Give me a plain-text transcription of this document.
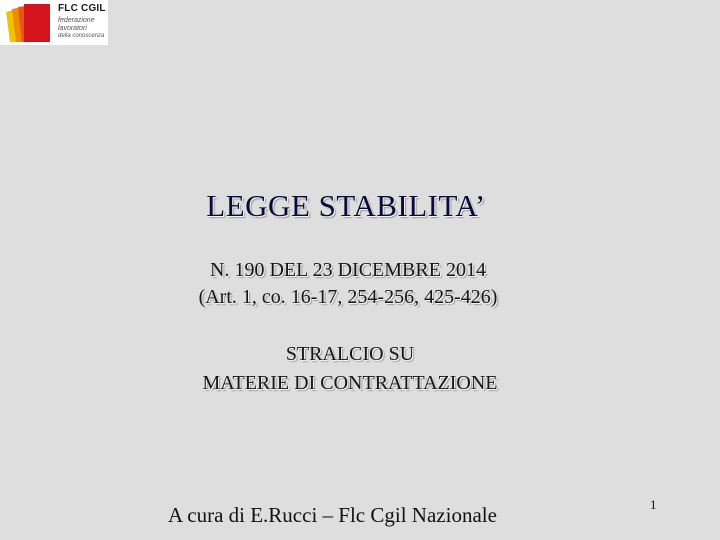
FLC CGIL
federazione
lavoratori
della conoscenza
LEGGE STABILITA’
N. 190 DEL 23 DICEMBRE 2014
(Art. 1, co. 16-17, 254-256, 425-426)
STRALCIO SU
MATERIE DI CONTRATTAZIONE
A cura di E.Rucci – Flc Cgil Nazionale	1
